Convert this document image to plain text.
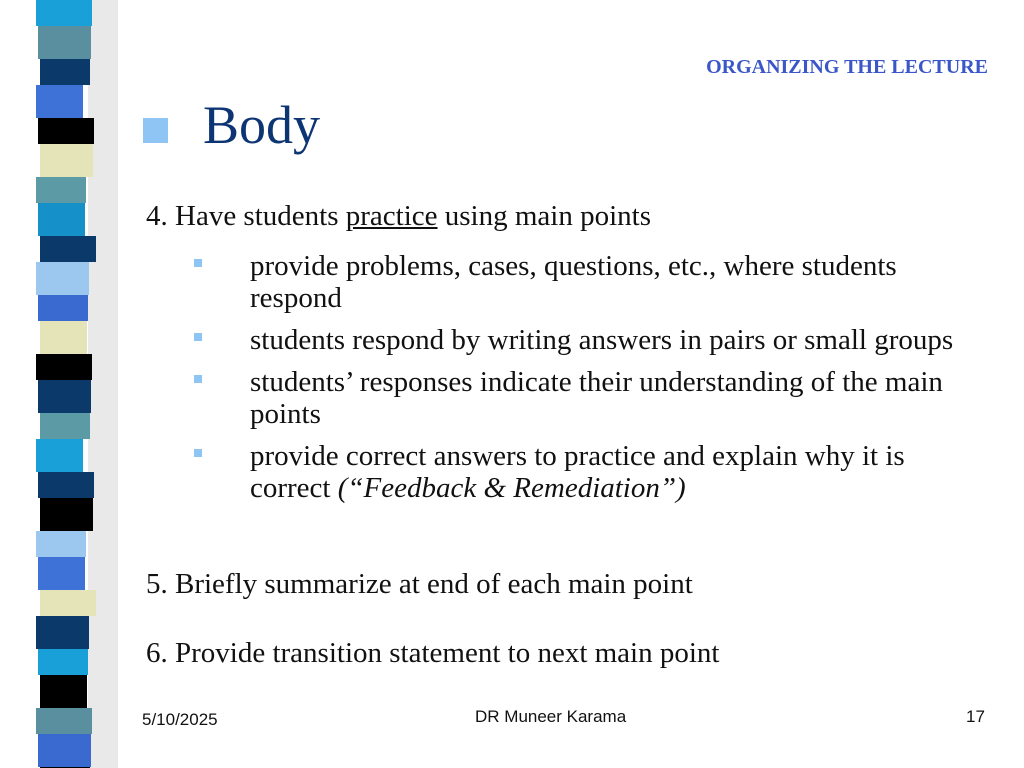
ORGANIZING THE LECTURE
Body
4. Have students practice using main points
provide problems, cases, questions, etc., where students respond
students respond by writing answers in pairs or small groups
students’ responses indicate their understanding of the main points
provide correct answers to practice and explain why it is correct (“Feedback & Remediation”)
5. Briefly summarize at end of each main point
6. Provide transition statement to next main point
5/10/2025	DR Muneer Karama	17
